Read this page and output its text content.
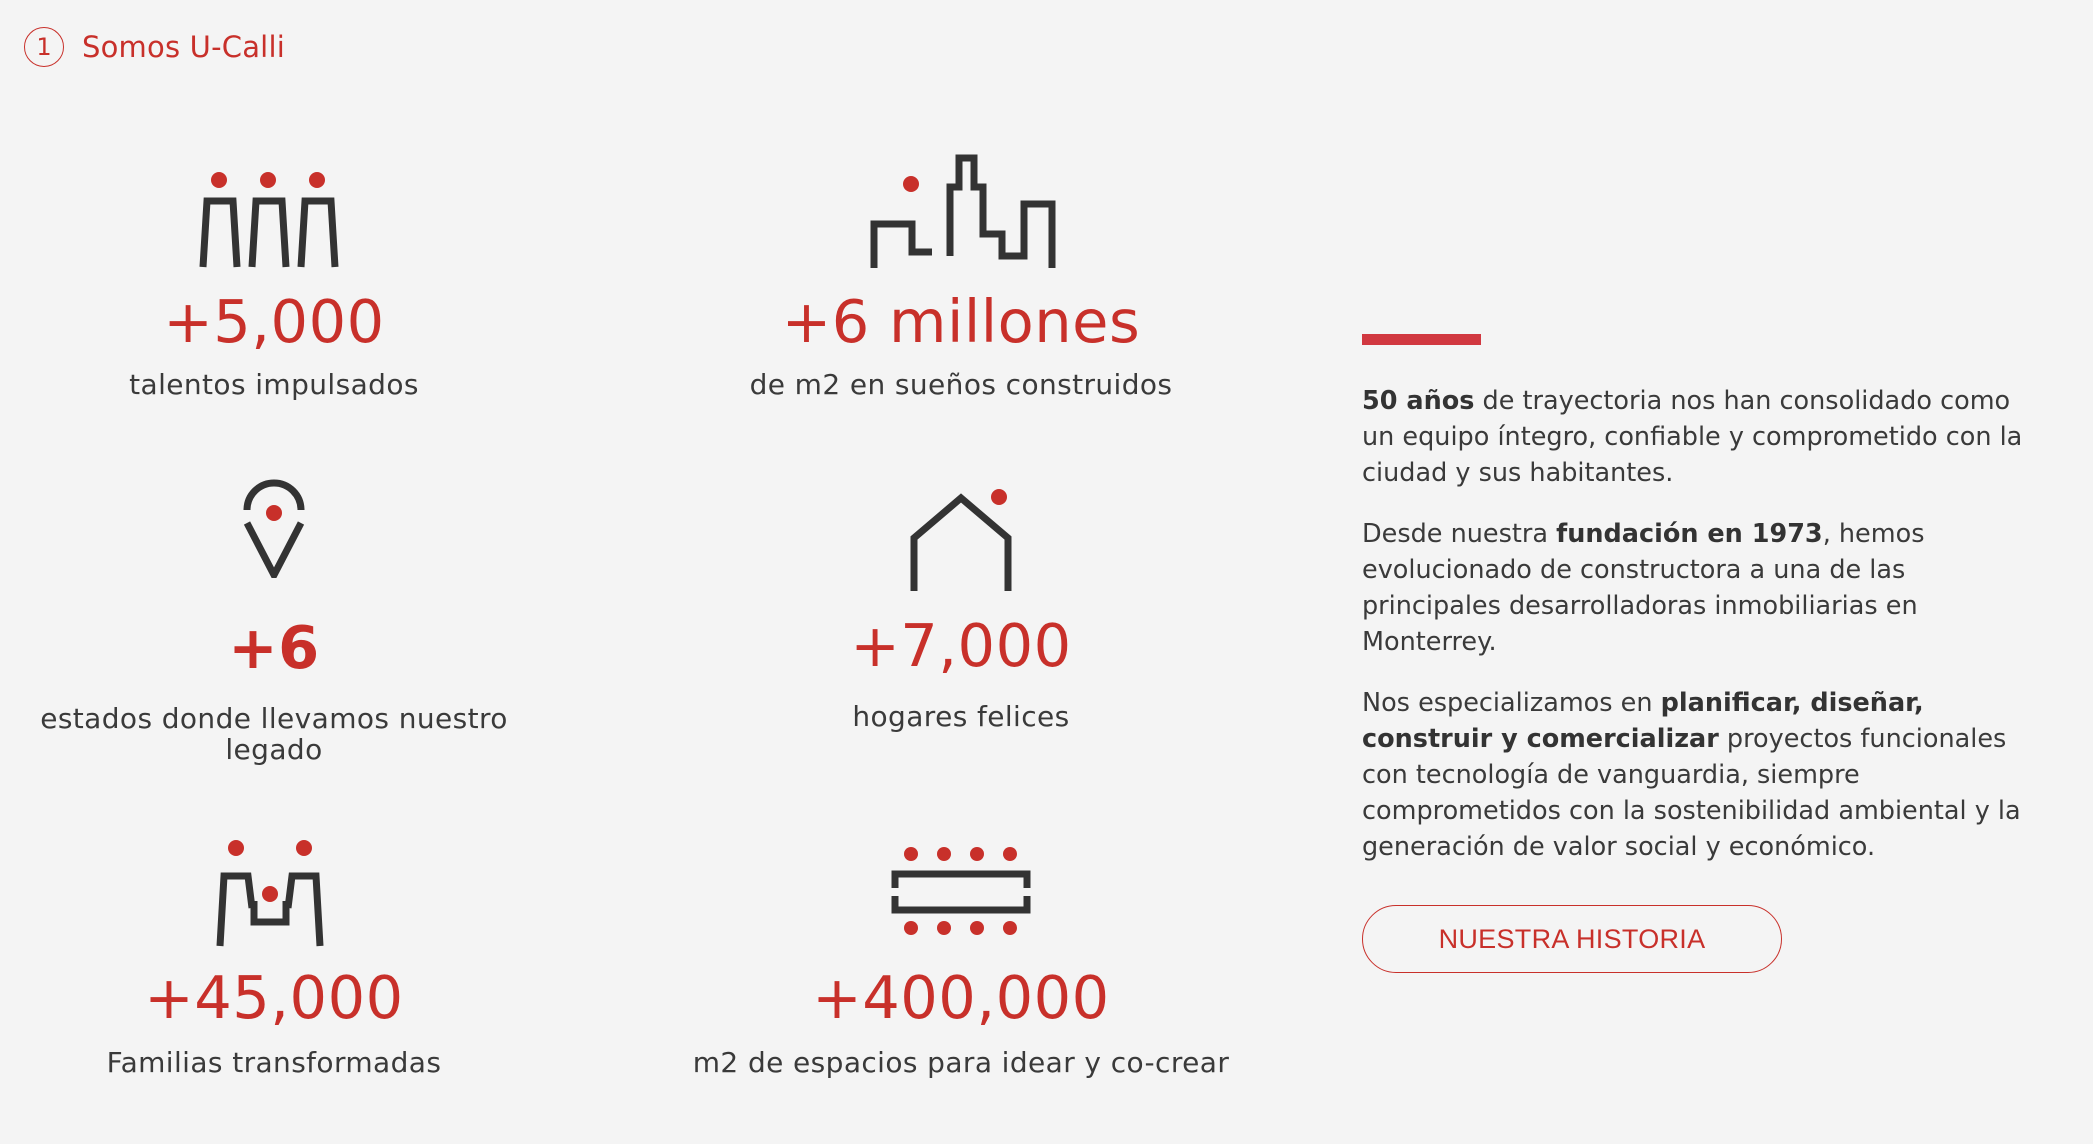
1 Somos U-Calli
+5,000
talentos impulsados
+6 millones
de m2 en sueños construidos
+6
estados donde llevamos nuestro legado
+7,000
hogares felices
+45,000
Familias transformadas
+400,000
m2 de espacios para idear y co-crear

50 años de trayectoria nos han consolidado como un equipo íntegro, confiable y comprometido con la ciudad y sus habitantes.

Desde nuestra fundación en 1973, hemos evolucionado de constructora a una de las principales desarrolladoras inmobiliarias en Monterrey.

Nos especializamos en planificar, diseñar, construir y comercializar proyectos funcionales con tecnología de vanguardia, siempre comprometidos con la sostenibilidad ambiental y la generación de valor social y económico.

NUESTRA HISTORIA
